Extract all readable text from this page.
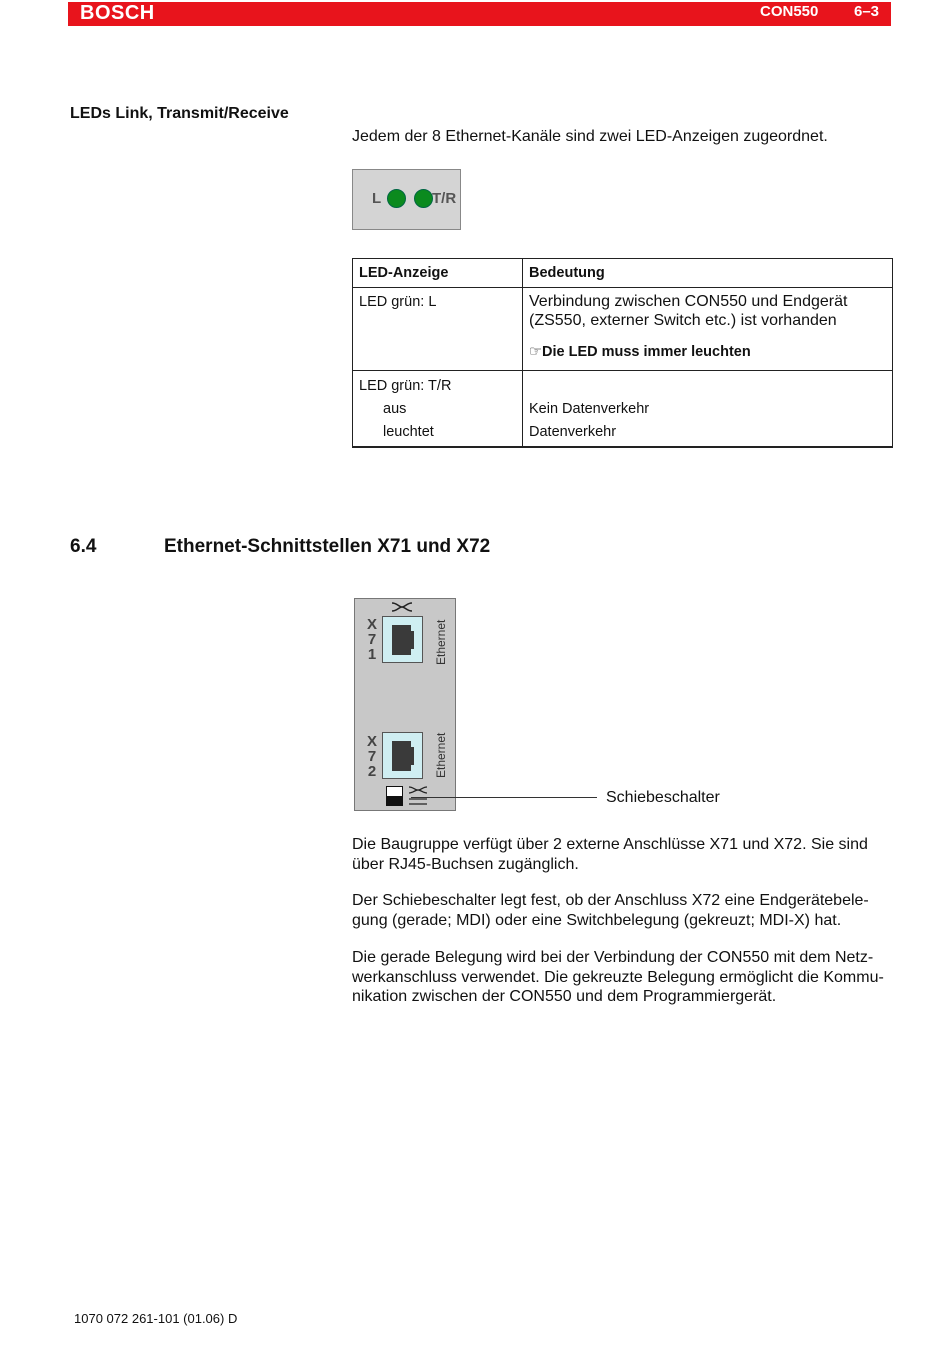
BOSCH	CON550 6–3
LEDs Link, Transmit/Receive
Jedem der 8 Ethernet-Kanäle sind zwei LED-Anzeigen zugeordnet.
L	T/R
LED-Anzeige	Bedeutung
LED grün: L	Verbindung zwischen CON550 und Endgerät
(ZS550, externer Switch etc.) ist vorhanden
☞Die LED muss immer leuchten
LED grün: T/R
aus	Kein Datenverkehr
leuchtet	Datenverkehr
6.4	Ethernet-Schnittstellen X71 und X72
X
7
1	Ethernet
X
7
2	Ethernet
Schiebeschalter
Die Baugruppe verfügt über 2 externe Anschlüsse X71 und X72. Sie sind
über RJ45-Buchsen zugänglich.
Der Schiebeschalter legt fest, ob der Anschluss X72 eine Endgerätebele-
gung (gerade; MDI) oder eine Switchbelegung (gekreuzt; MDI-X) hat.
Die gerade Belegung wird bei der Verbindung der CON550 mit dem Netz-
werkanschluss verwendet. Die gekreuzte Belegung ermöglicht die Kommu-
nikation zwischen der CON550 und dem Programmiergerät.
1070 072 261-101 (01.06) D
